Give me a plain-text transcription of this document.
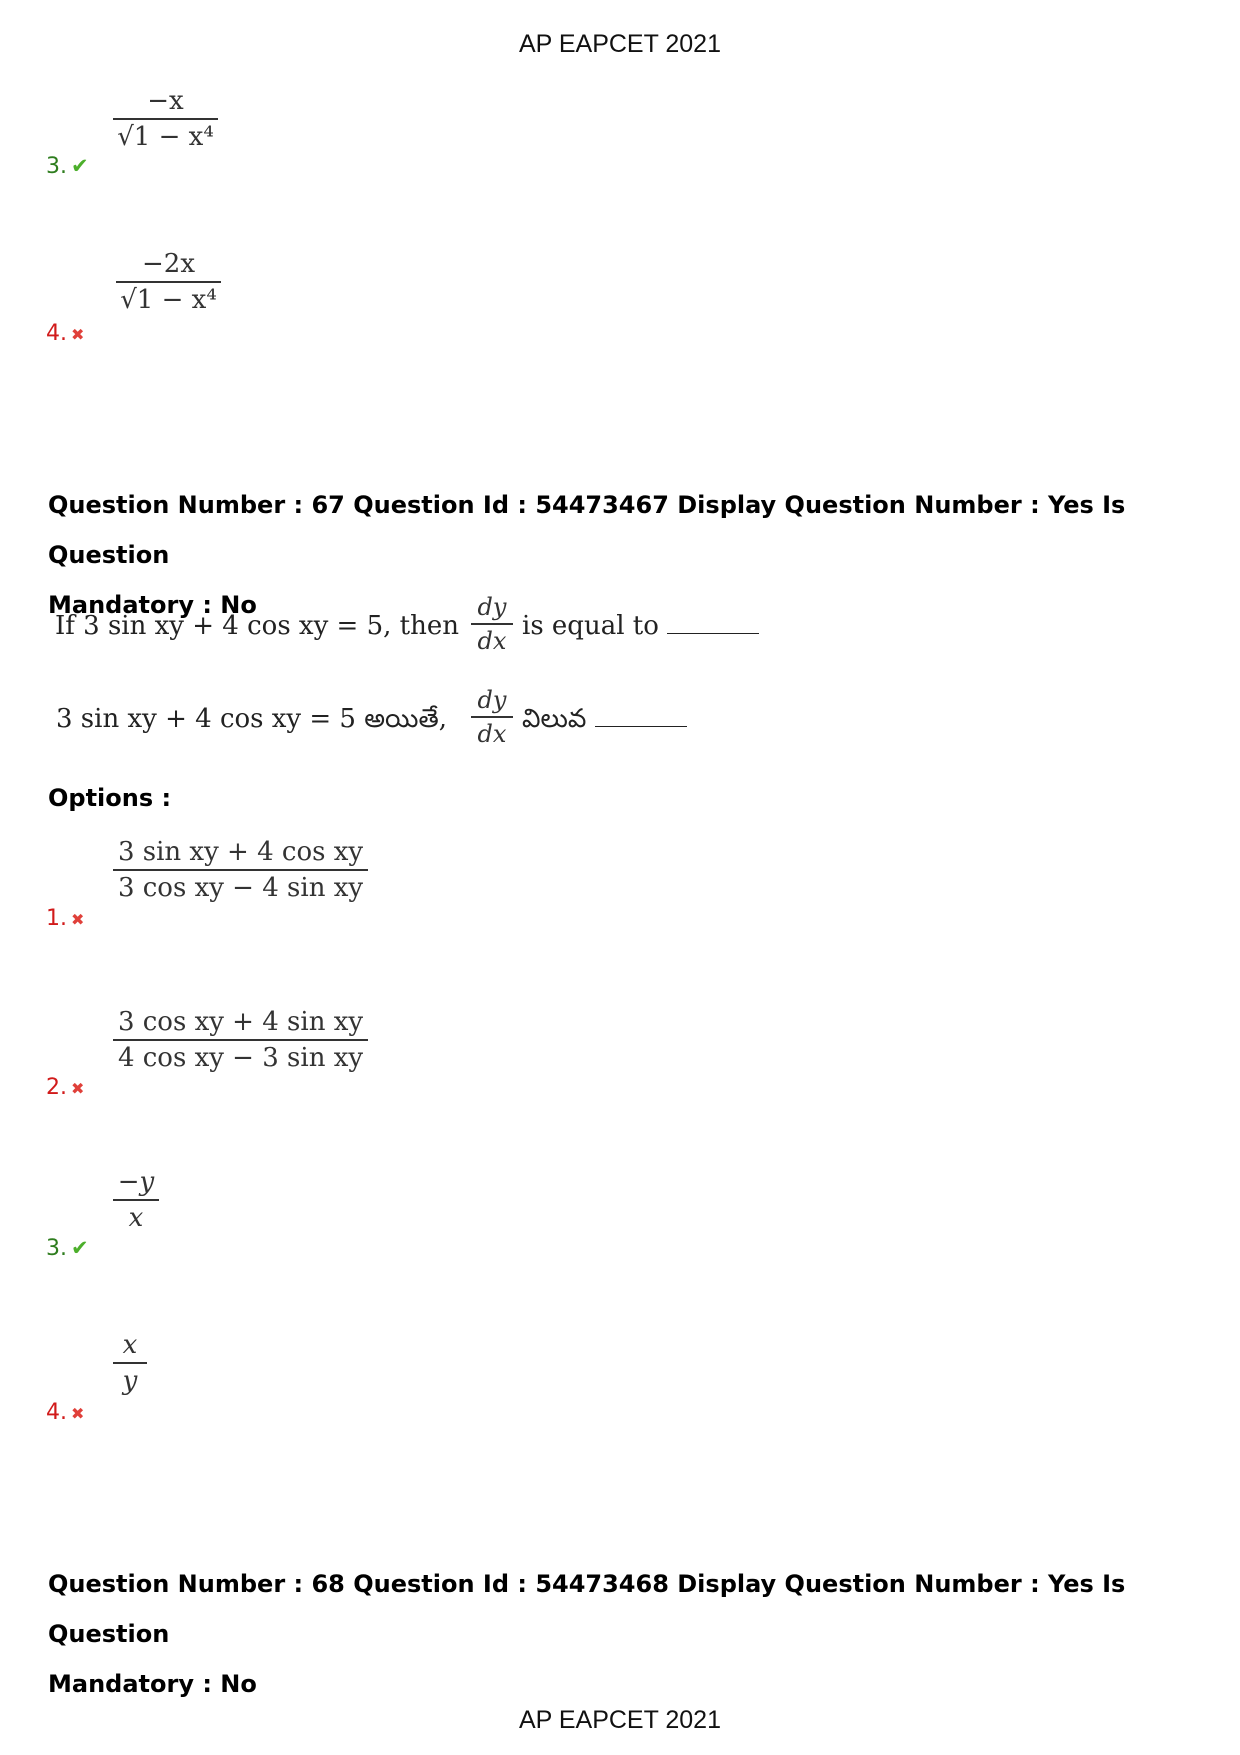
AP EAPCET 2021
−x
√1 − x⁴
3. ✔
−2x
√1 − x⁴
4. ✖
Question Number : 67 Question Id : 54473467 Display Question Number : Yes Is Question
Mandatory : No
If 3 sin xy + 4 cos xy = 5, then
dy
dx is equal to
3 sin xy + 4 cos xy = 5 అయితే,
dy
dx విలువ
Options :
3 sin xy + 4 cos xy
3 cos xy − 4 sin xy
1. ✖
3 cos xy + 4 sin xy
4 cos xy − 3 sin xy
2. ✖
−y
x
3. ✔
x
y
4. ✖
Question Number : 68 Question Id : 54473468 Display Question Number : Yes Is Question
Mandatory : No
AP EAPCET 2021
